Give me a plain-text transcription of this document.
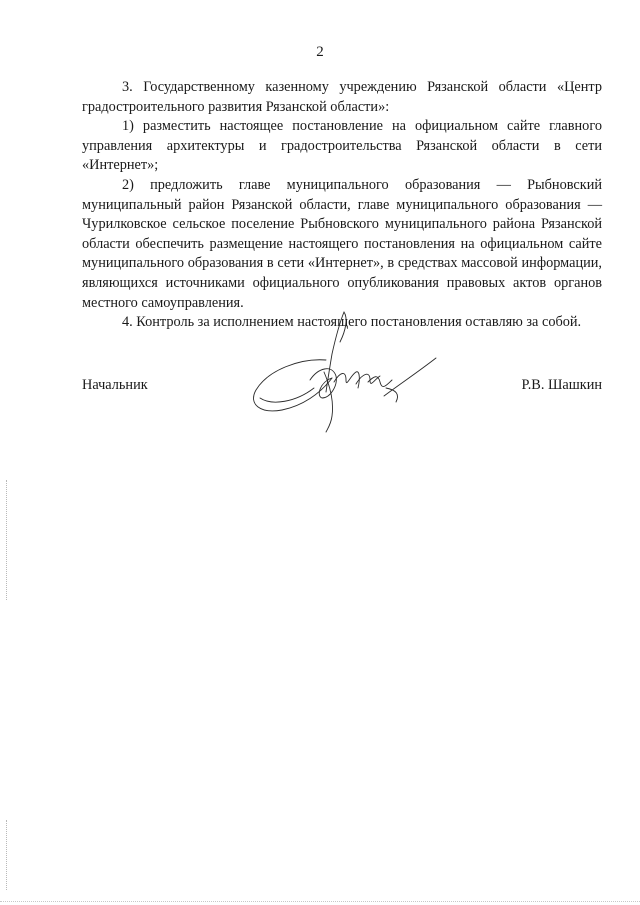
2

3. Государственному казенному учреждению Рязанской области «Центр градостроительного развития Рязанской области»:

1) разместить настоящее постановление на официальном сайте главного управления архитектуры и градостроительства Рязанской области в сети «Интернет»;

2) предложить главе муниципального образования — Рыбновский муниципальный район Рязанской области, главе муниципального образования — Чурилковское сельское поселение Рыбновского муниципального района Рязанской области обеспечить размещение настоящего постановления на официальном сайте муниципального образования в сети «Интернет», в средствах массовой информации, являющихся источниками официального опубликования правовых актов органов местного самоуправления.

4. Контроль за исполнением настоящего постановления оставляю за собой.

Начальник	Р.В. Шашкин
